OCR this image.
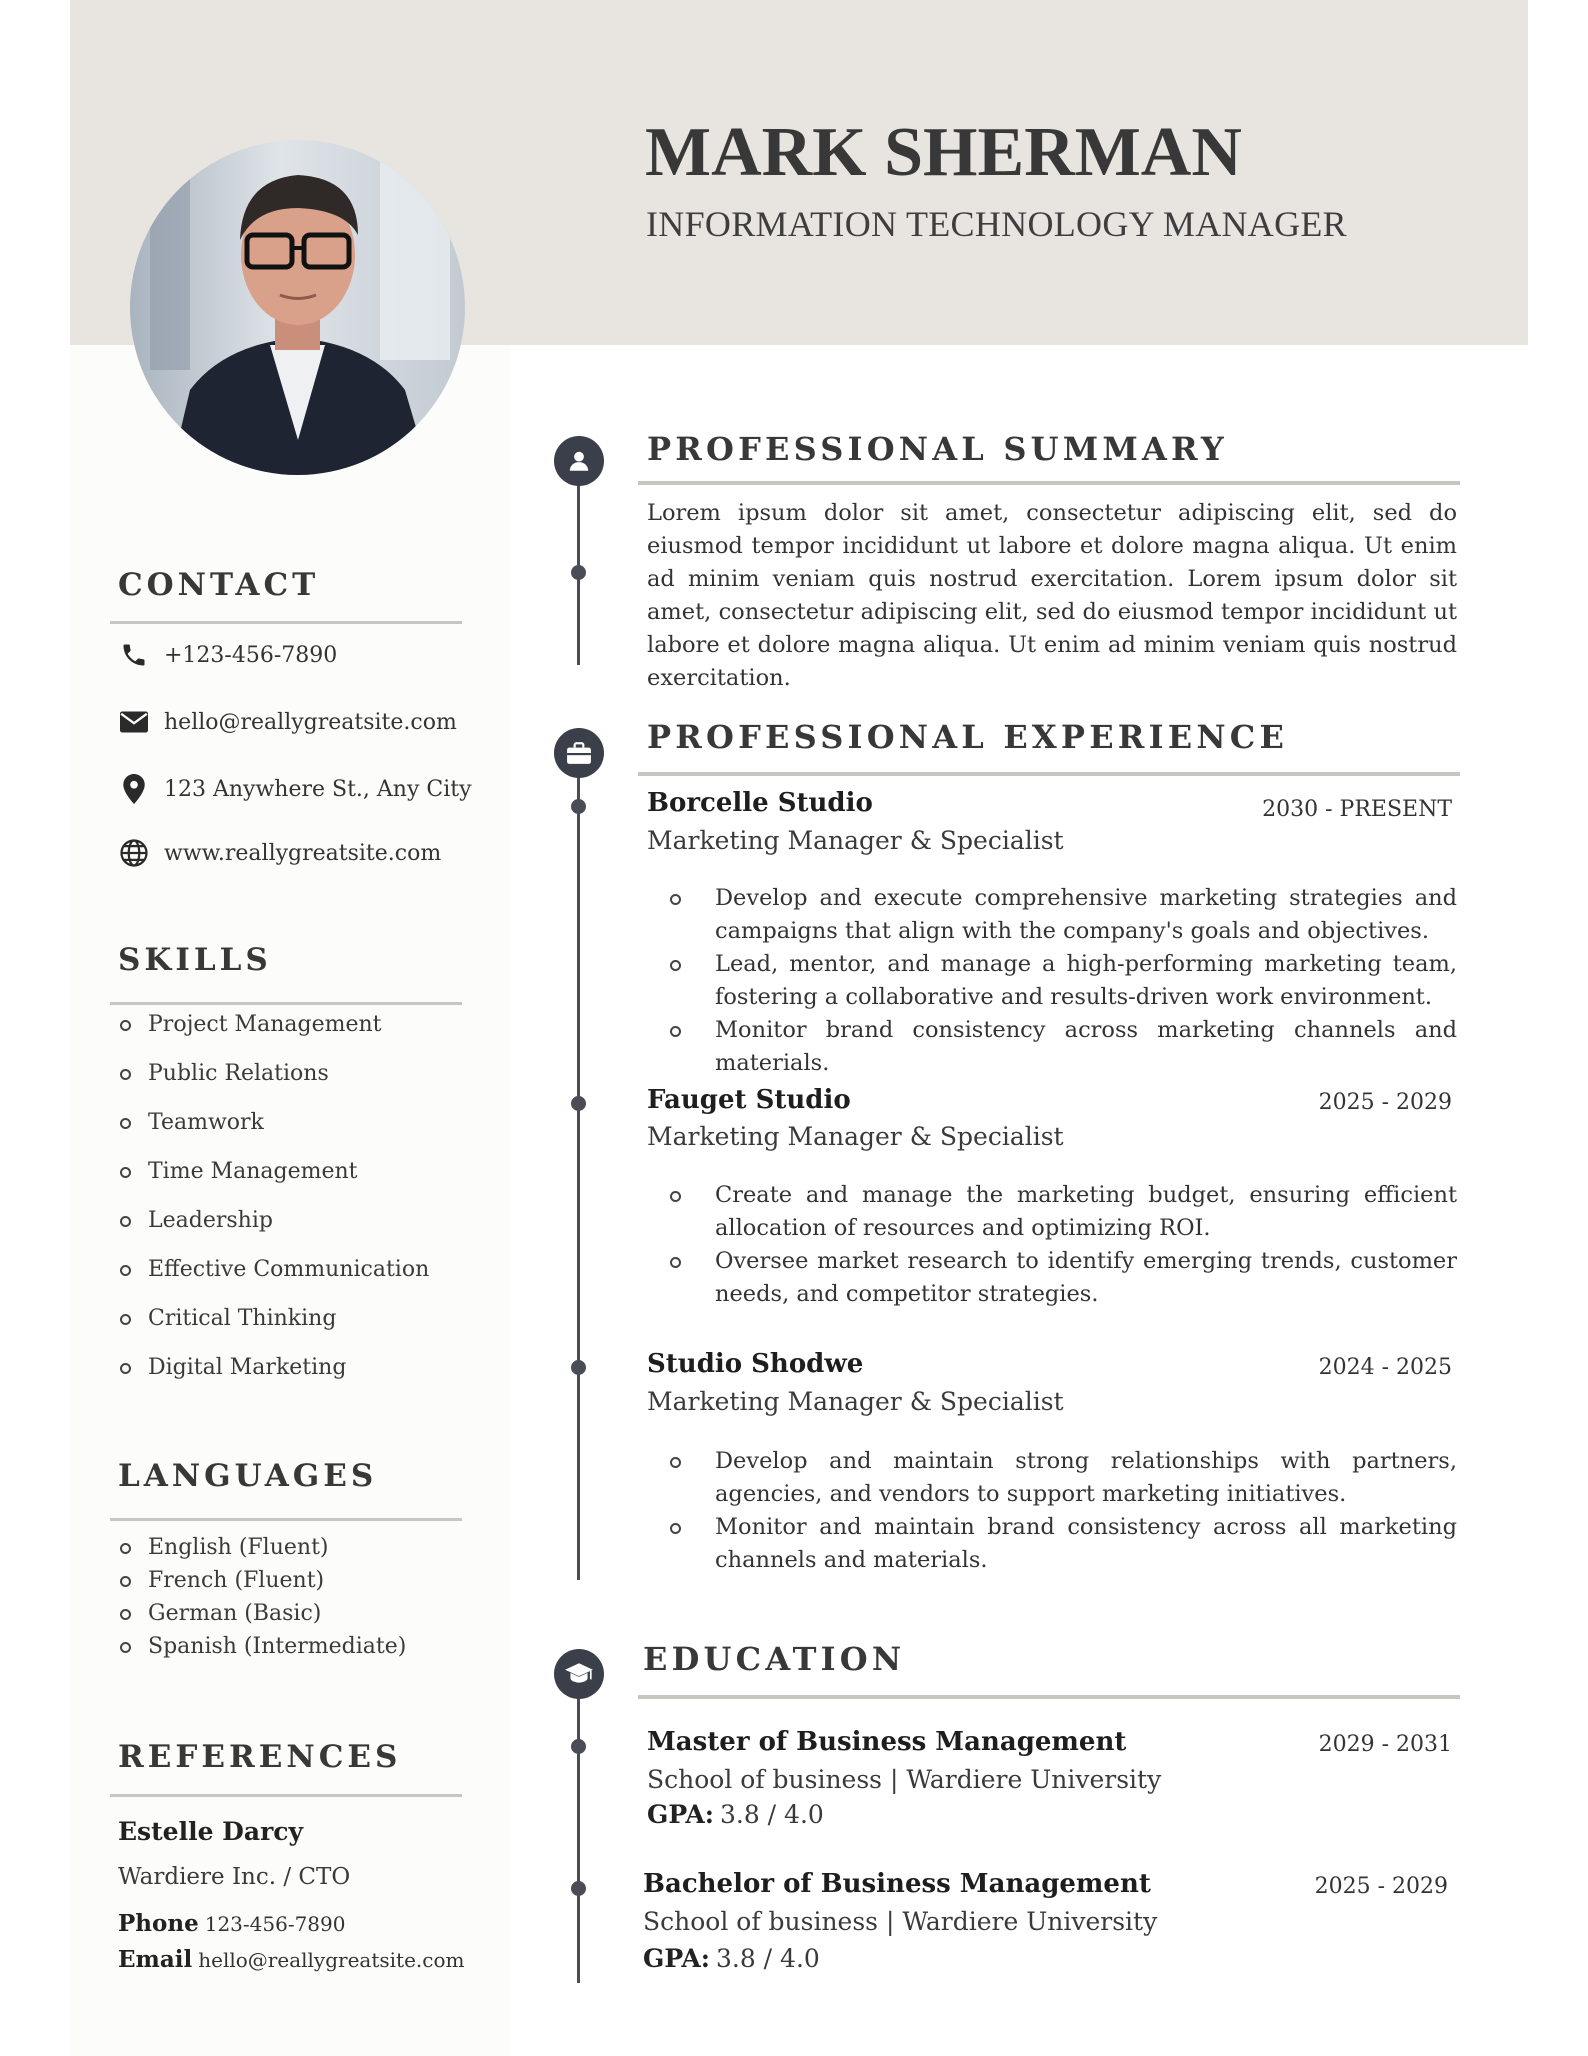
MARK SHERMAN
INFORMATION TECHNOLOGY MANAGER
CONTACT
+123-456-7890
hello@reallygreatsite.com
123 Anywhere St., Any City
www.reallygreatsite.com
SKILLS
Project Management
Public Relations
Teamwork
Time Management
Leadership
Effective Communication
Critical Thinking
Digital Marketing
LANGUAGES
English (Fluent)
French (Fluent)
German (Basic)
Spanish (Intermediate)
REFERENCES
Estelle Darcy
Wardiere Inc. / CTO
Phone 123-456-7890
Email hello@reallygreatsite.com
PROFESSIONAL SUMMARY

Lorem ipsum dolor sit amet, consectetur adipiscing elit, sed do eiusmod tempor incididunt ut labore et dolore magna aliqua. Ut enim ad minim veniam quis nostrud exercitation. Lorem ipsum dolor sit amet, consectetur adipiscing elit, sed do eiusmod tempor incididunt ut labore et dolore magna aliqua. Ut enim ad minim veniam quis nostrud exercitation.

PROFESSIONAL EXPERIENCE
Borcelle Studio	2030 - PRESENT
Marketing Manager & Specialist
Develop and execute comprehensive marketing strategies and campaigns that align with the company's goals and objectives.
Lead, mentor, and manage a high-performing marketing team, fostering a collaborative and results-driven work environment.
Monitor brand consistency across marketing channels and materials.
Fauget Studio	2025 - 2029
Marketing Manager & Specialist
Create and manage the marketing budget, ensuring efficient allocation of resources and optimizing ROI.
Oversee market research to identify emerging trends, customer needs, and competitor strategies.
Studio Shodwe	2024 - 2025
Marketing Manager & Specialist
Develop and maintain strong relationships with partners, agencies, and vendors to support marketing initiatives.
Monitor and maintain brand consistency across all marketing channels and materials.
EDUCATION
Master of Business Management	2029 - 2031
School of business | Wardiere University
GPA: 3.8 / 4.0
Bachelor of Business Management	2025 - 2029
School of business | Wardiere University
GPA: 3.8 / 4.0
